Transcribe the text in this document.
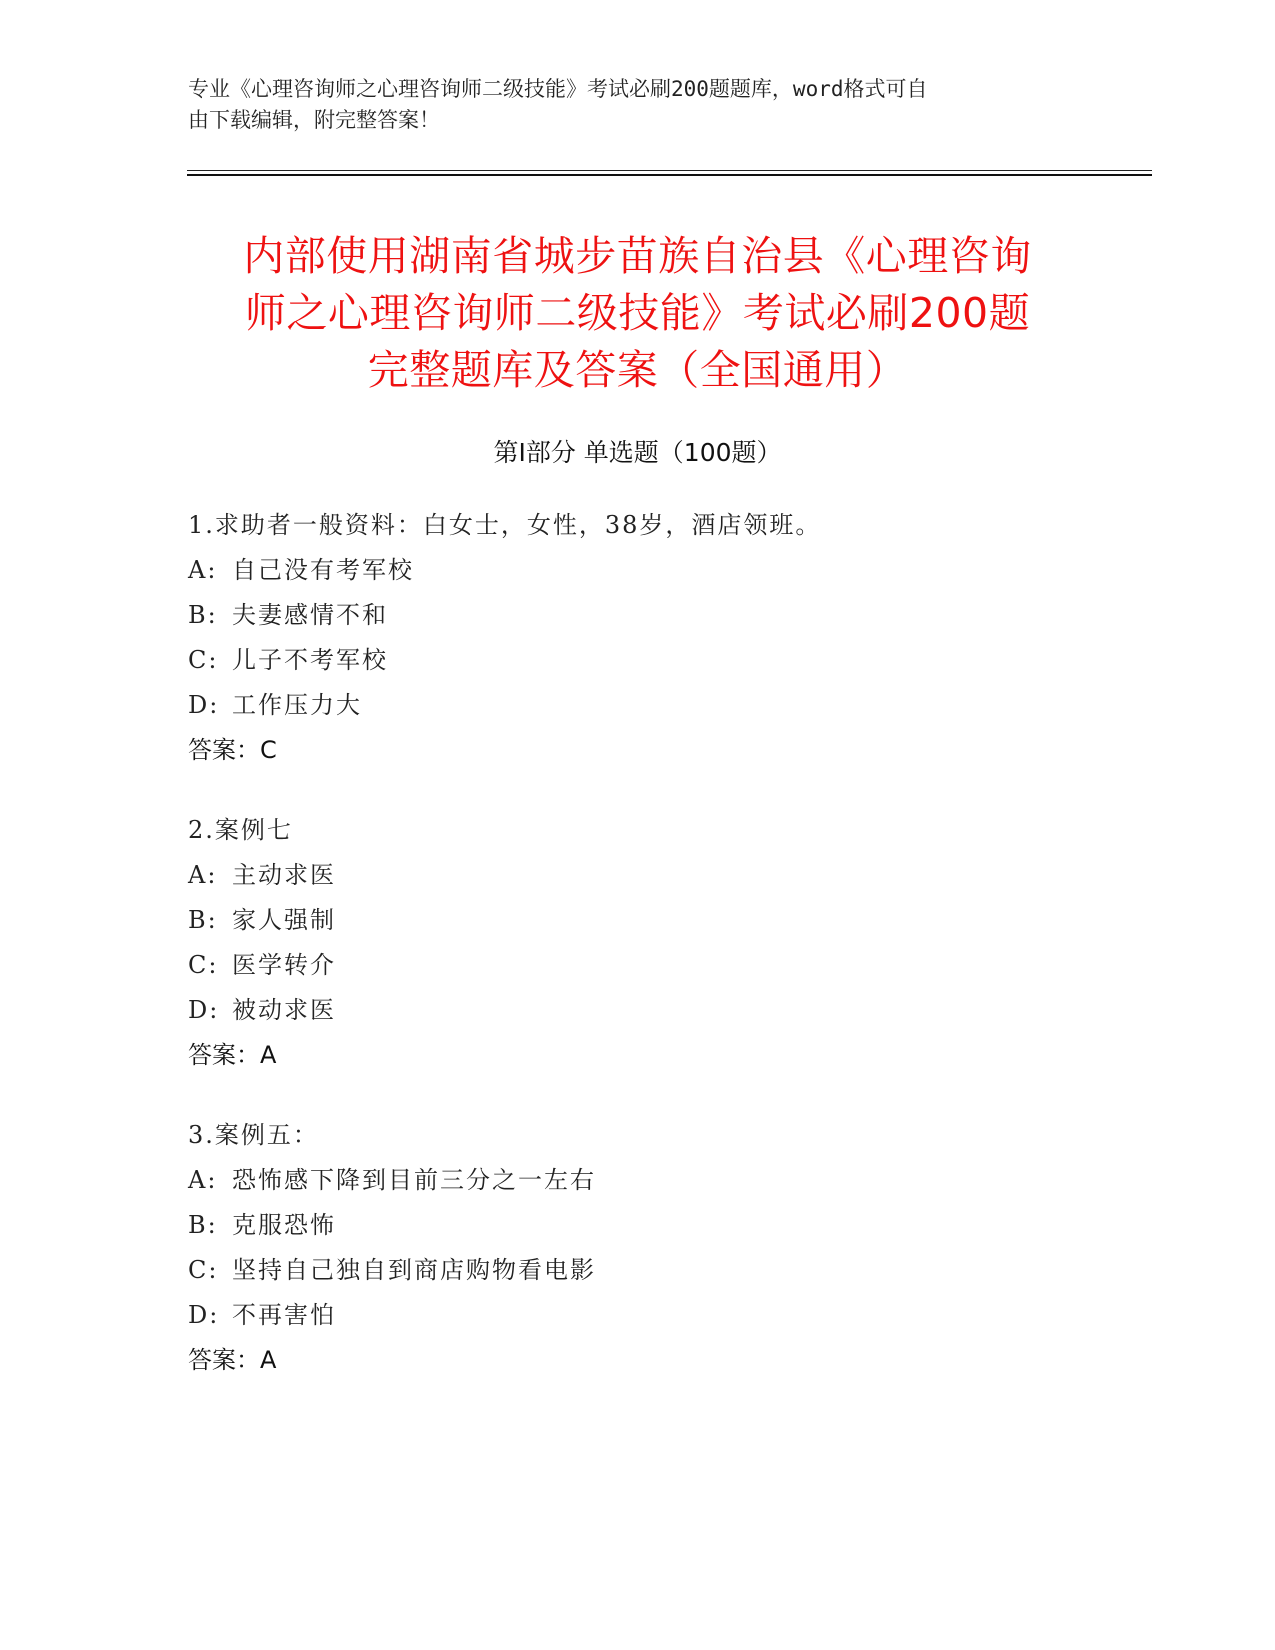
专业《心理咨询师之心理咨询师二级技能》考试必刷200题题库，word格式可自
由下载编辑，附完整答案！
内部使用湖南省城步苗族自治县《心理咨询
师之心理咨询师二级技能》考试必刷200题
完整题库及答案（全国通用）
第Ⅰ部分 单选题（100题）
1.求助者一般资料：白女士，女性，38岁，酒店领班。
A: 自己没有考军校
B: 夫妻感情不和
C: 儿子不考军校
D: 工作压力大
答案：C
2.案例七
A: 主动求医
B: 家人强制
C: 医学转介
D: 被动求医
答案：A
3.案例五：
A: 恐怖感下降到目前三分之一左右
B: 克服恐怖
C: 坚持自己独自到商店购物看电影
D: 不再害怕
答案：A
